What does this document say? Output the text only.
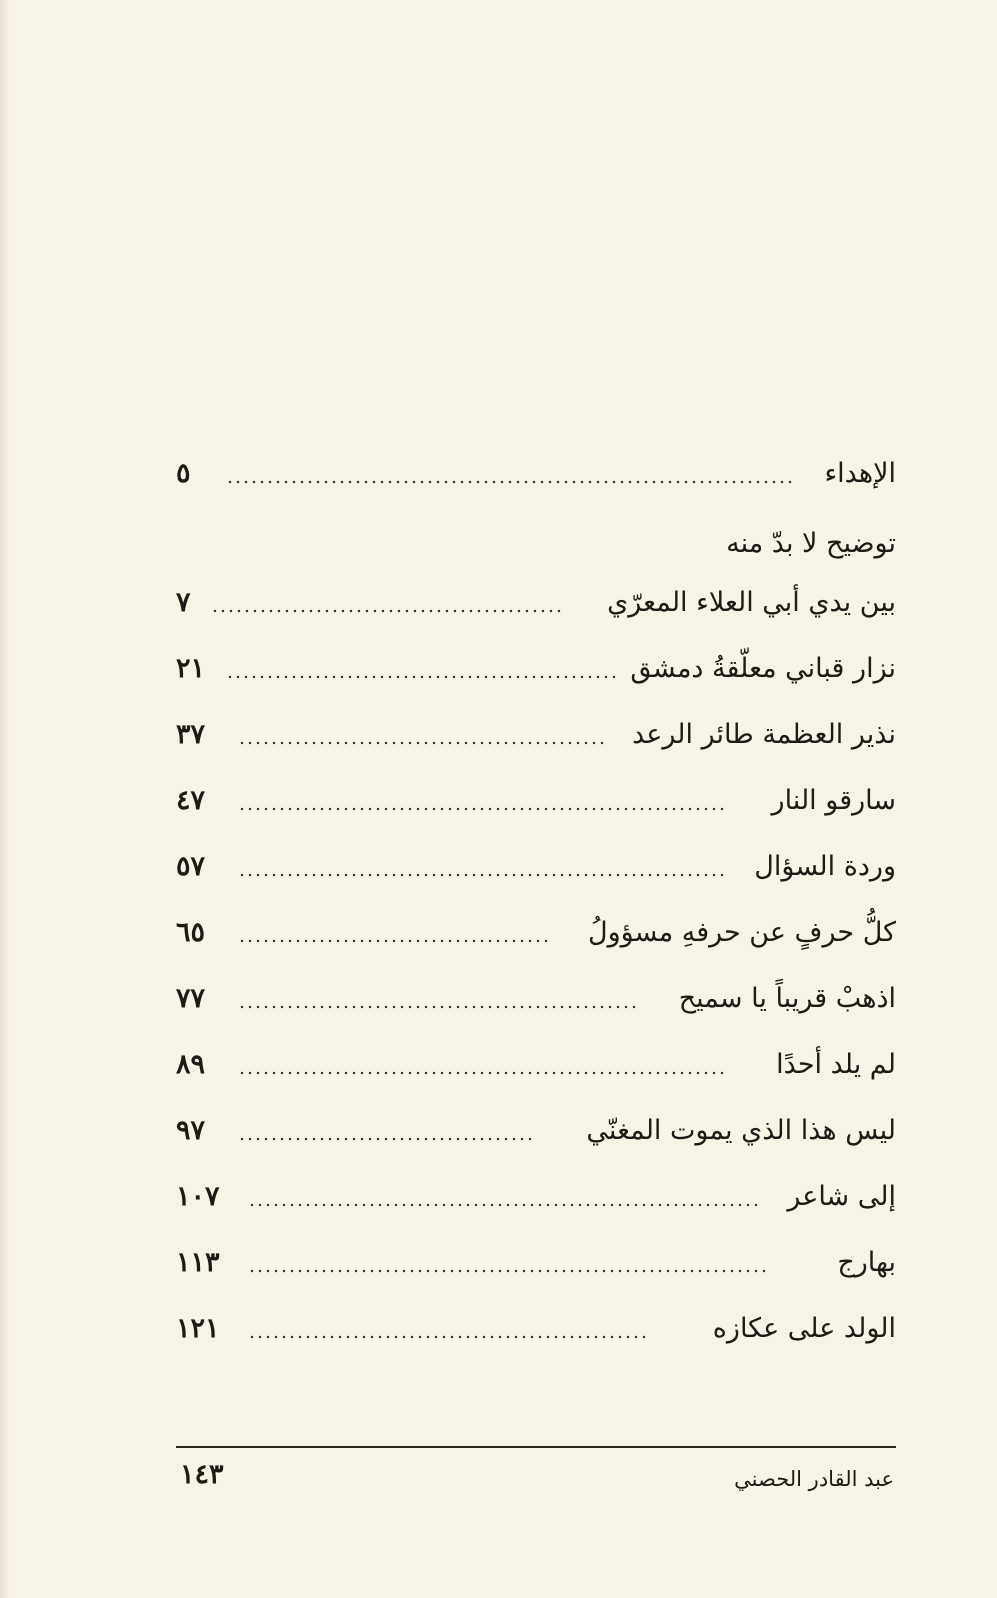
الإهداء
٥
توضيح لا بدّ منه
بين يدي أبي العلاء المعرّي
٧
نزار قباني معلّقةُ دمشق
٢١
نذير العظمة طائر الرعد
٣٧
سارقو النار
٤٧
وردة السؤال
٥٧
كلُّ حرفٍ عن حرفهِ مسؤولُ
٦٥
اذهبْ قريباً يا سميح
٧٧
لم يلد أحدًا
٨٩
ليس هذا الذي يموت المغنّي
٩٧
إلى شاعر
١٠٧
بهارج
١١٣
الولد على عكازه
١٢١
عبد القادر الحصني
١٤٣
